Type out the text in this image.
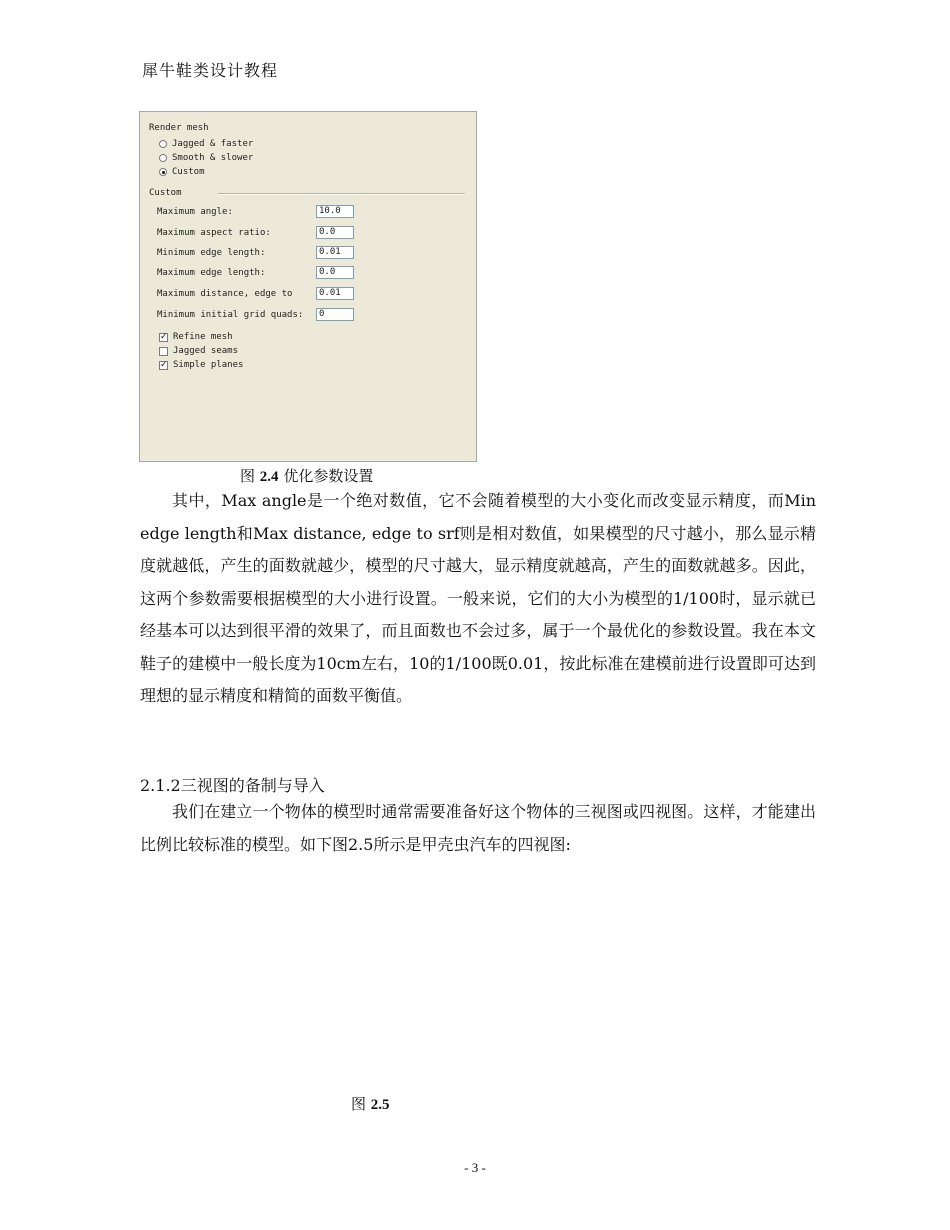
犀牛鞋类设计教程
Render mesh
Jagged & faster
Smooth & slower
Custom
Custom
Maximum angle:	10.0
Maximum aspect ratio:	0.0
Minimum edge length:	0.01
Maximum edge length:	0.0
Maximum distance, edge to	0.01
Minimum initial grid quads:	0
✓ Refine mesh
Jagged seams
✓ Simple planes
图 2.4 优化参数设置

其中，Max angle是一个绝对数值，它不会随着模型的大小变化而改变显示精度，而Min edge length和Max distance, edge to srf则是相对数值，如果模型的尺寸越小，那么显示精度就越低，产生的面数就越少，模型的尺寸越大，显示精度就越高，产生的面数就越多。因此，这两个参数需要根据模型的大小进行设置。一般来说，它们的大小为模型的1/100时，显示就已经基本可以达到很平滑的效果了，而且面数也不会过多，属于一个最优化的参数设置。我在本文鞋子的建模中一般长度为10cm左右，10的1/100既0.01，按此标准在建模前进行设置即可达到理想的显示精度和精简的面数平衡值。

2.1.2三视图的备制与导入

我们在建立一个物体的模型时通常需要准备好这个物体的三视图或四视图。这样，才能建出比例比较标准的模型。如下图2.5所示是甲壳虫汽车的四视图:

图 2.5
- 3 -
